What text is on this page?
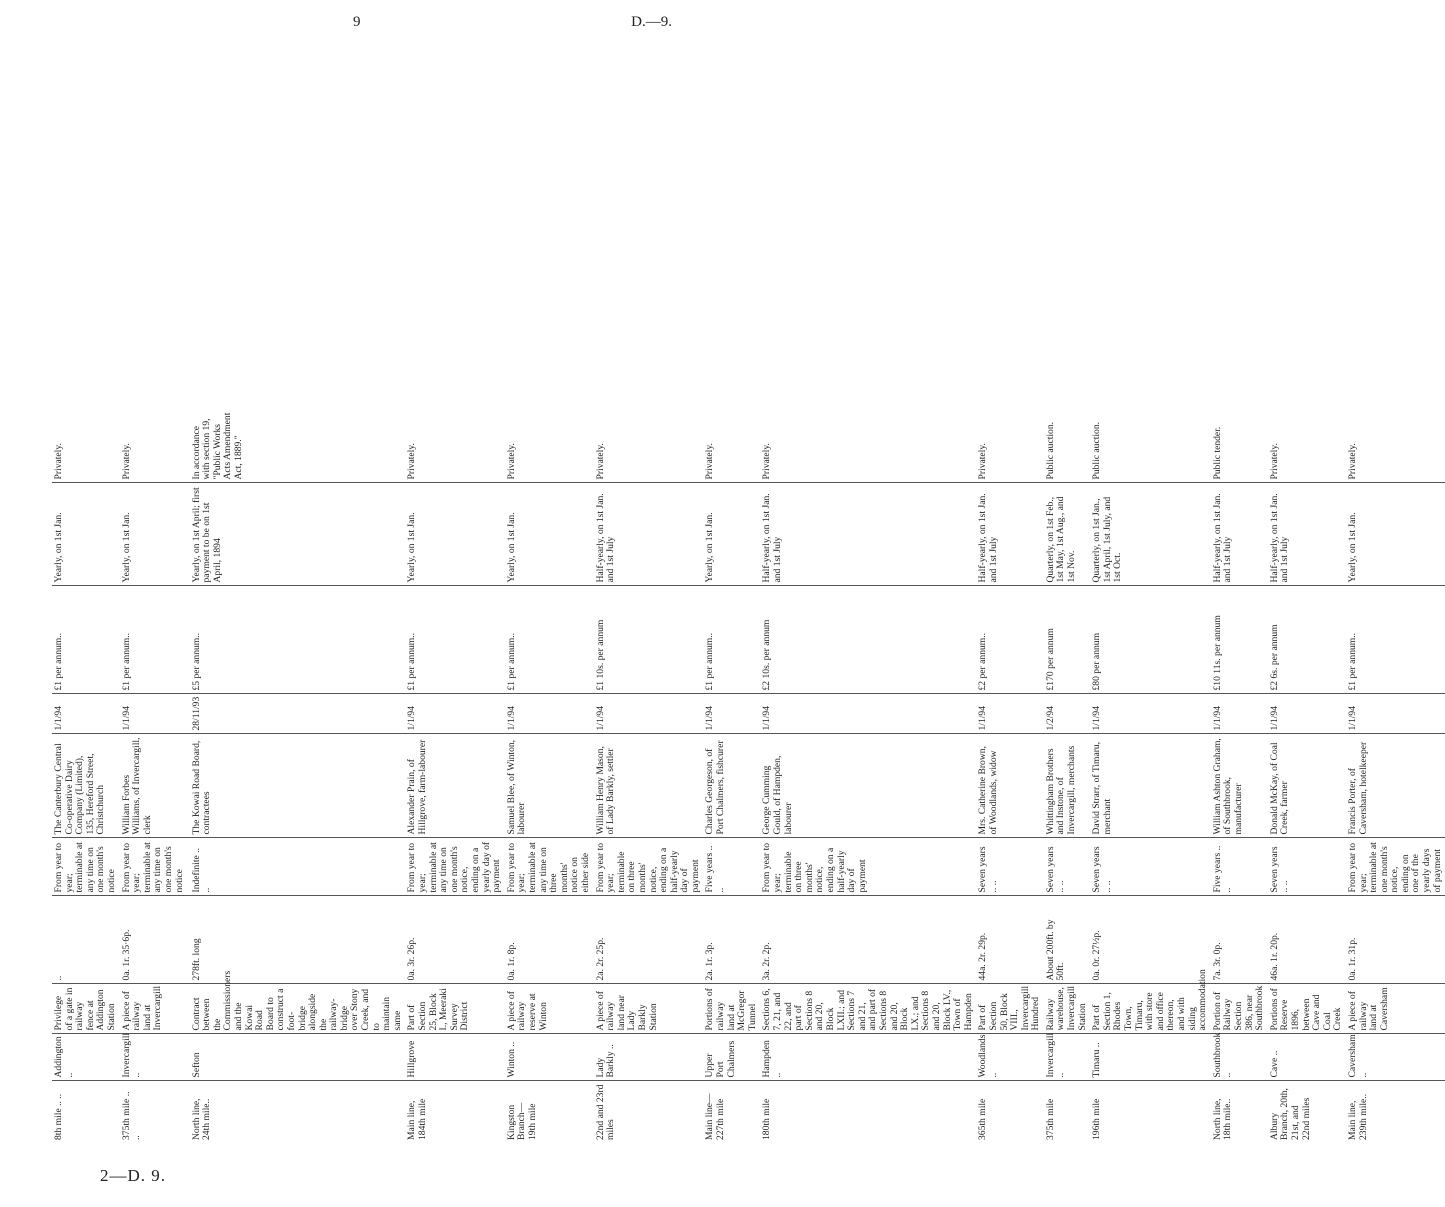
9	D.—9.
8th mile .. ..	Addington ..	Privilege of a gate in railway fence at Addington Station	..	From year to year; terminable at any time on one month's notice	The Canterbury Central Co-operative Dairy Company (Limited), 135, Hereford Street, Christchurch	1/1/94	£1 per annum..	Yearly, on 1st Jan.	Privately.
375th mile .. ..	Invercargill ..	A piece of railway land at Invercargill	0a. 1r. 35·6p.	From year to year; terminable at any time on one month's notice	William Forbes Williams, of Invercargill, clerk	1/1/94	£1 per annum..	Yearly, on 1st Jan.	Privately.
North line, 24th mile..	Sefton	Contract between the Commissioners and the Kowai Road Board to construct a foot-bridge alongside the railway-bridge over Stony Creek, and to maintain same	278ft. long	Indefinite .. ..	The Kowai Road Board, contractees	28/11/93	£5 per annum..	Yearly, on 1st April; first payment to be on 1st April, 1894	In accordance with section 19, "Public Works Acts Amendment Act, 1889."
Main line, 184th mile	Hillgrove	Part of Section 25, Block I., Meeraki Survey District	0a. 3r. 26p.	From year to year; terminable at any time on one month's notice, ending on a yearly day of payment	Alexander Prain, of Hillgrove, farm-labourer	1/1/94	£1 per annum..	Yearly, on 1st Jan.	Privately.
Kingston Branch— 19th mile	Winton ..	A piece of railway reserve at Winton	0a. 1r. 8p.	From year to year; terminable at any time on three months' notice on either side	Samuel Blee, of Winton, labourer	1/1/94	£1 per annum..	Yearly, on 1st Jan.	Privately.
22nd and 23rd miles	Lady Barkly ..	A piece of railway land near Lady Barkly Station	2a. 2r. 25p.	From year to year; terminable on three months' notice, ending on a half-yearly day of payment	William Henry Mason, of Lady Barkly, settler	1/1/94	£1 10s. per annum	Half-yearly, on 1st Jan. and 1st July	Privately.
Main line— 227th mile	Upper Port Chalmers	Portions of railway land at McGregor Tunnel	2a. 1r. 3p.	Five years .. ..	Charles Georgeson, of Port Chalmers, fishcurer	1/1/94	£1 per annum..	Yearly, on 1st Jan.	Privately.
180th mile	Hampden ..	Sections 6, 7, 21, and 22, and part of Sections 8 and 20, Block LXII.; and Sections 7 and 21, and part of Sections 8 and 20, Block LX.; and Sections 8 and 20, Block LV., Town of Hampden	3a. 2r. 2p.	From year to year; terminable on three months' notice, ending on a half-yearly day of payment	George Cumming Gould, of Hampden, labourer	1/1/94	£2 10s. per annum	Half-yearly, on 1st Jan. and 1st July	Privately.
365th mile	Woodlands ..	Part of Section 50, Block VIII., Invercargill Hundred	44a. 2r. 29p.	Seven years .. ..	Mrs. Catherine Brown, of Woodlands, widow	1/1/94	£2 per annum..	Half-yearly, on 1st Jan. and 1st July	Privately.
375th mile	Invercargill ..	Railway warehouse, Invercargill Station	About 200ft. by 50ft.	Seven years .. ..	Whittingham Brothers and Instone, of Invercargill, merchants	1/2/94	£170 per annum	Quarterly, on 1st Feb., 1st May, 1st Aug., and 1st Nov.	Public auction.
196th mile	Timaru ..	Part of Section 1, Rhodes Town, Timaru, with store and office thereon, and with siding accommodation	0a. 0r. 27½p.	Seven years .. ..	David Strarr, of Timaru, merchant	1/1/94	£80 per annum	Quarterly, on 1st Jan., 1st April, 1st July, and 1st Oct.	Public auction.
North line, 18th mile..	Southbrook ..	Portion of Railway Section 386, near Southbrook	7a. 3r. 0p.	Five years .. ..	William Ashton Graham, of Southbrook, manufacturer	1/1/94	£10 11s. per annum	Half-yearly, on 1st Jan. and 1st July	Public tender.
Albury Branch, 20th, 21st, and 22nd miles	Cave ..	Portions of Reserve 1896, between Cave and Coal Creek	46a. 1r. 20p.	Seven years .. ..	Donald McKay, of Coal Creek, farmer	1/1/94	£2 6s. per annum	Half-yearly, on 1st Jan. and 1st July	Privately.
Main line, 239th mile..	Caversham ..	A piece of railway land at Caversham	0a. 1r. 31p.	From year to year; terminable at one month's notice, ending on one of the yearly days of payment	Francis Porter, of Caversham, hotelkeeper	1/1/94	£1 per annum..	Yearly, on 1st Jan.	Privately.
2—D. 9.
